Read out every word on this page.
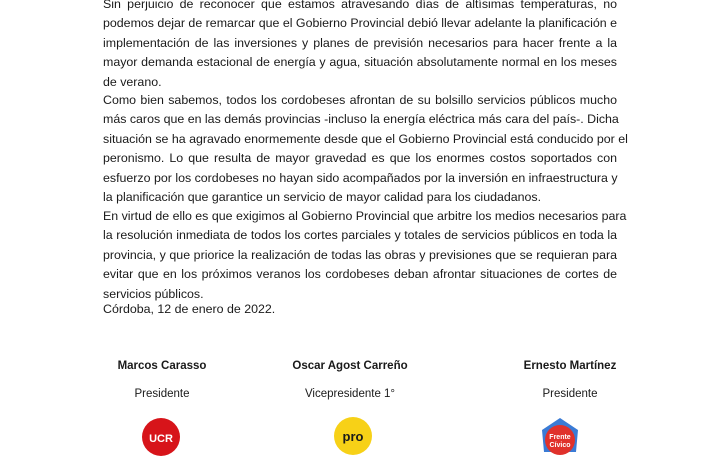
Sin perjuicio de reconocer que estamos atravesando días de altísimas temperaturas, no
podemos dejar de remarcar que el Gobierno Provincial debió llevar adelante la planificación e
implementación de las inversiones y planes de previsión necesarios para hacer frente a la
mayor demanda estacional de energía y agua, situación absolutamente normal en los meses
de verano.

Como bien sabemos, todos los cordobeses afrontan de su bolsillo servicios públicos mucho
más caros que en las demás provincias -incluso la energía eléctrica más cara del país-. Dicha
situación se ha agravado enormemente desde que el Gobierno Provincial está conducido por el
peronismo. Lo que resulta de mayor gravedad es que los enormes costos soportados con
esfuerzo por los cordobeses no hayan sido acompañados por la inversión en infraestructura y
la planificación que garantice un servicio de mayor calidad para los ciudadanos.

En virtud de ello es que exigimos al Gobierno Provincial que arbitre los medios necesarios para
la resolución inmediata de todos los cortes parciales y totales de servicios públicos en toda la
provincia, y que priorice la realización de todas las obras y previsiones que se requieran para
evitar que en los próximos veranos los cordobeses deban afrontar situaciones de cortes de
servicios públicos.

Córdoba, 12 de enero de 2022.
Marcos Carasso
Presidente
Oscar Agost Carreño
Vicepresidente 1°
Ernesto Martínez
Presidente
UCR	pro	Frente
Cívico
